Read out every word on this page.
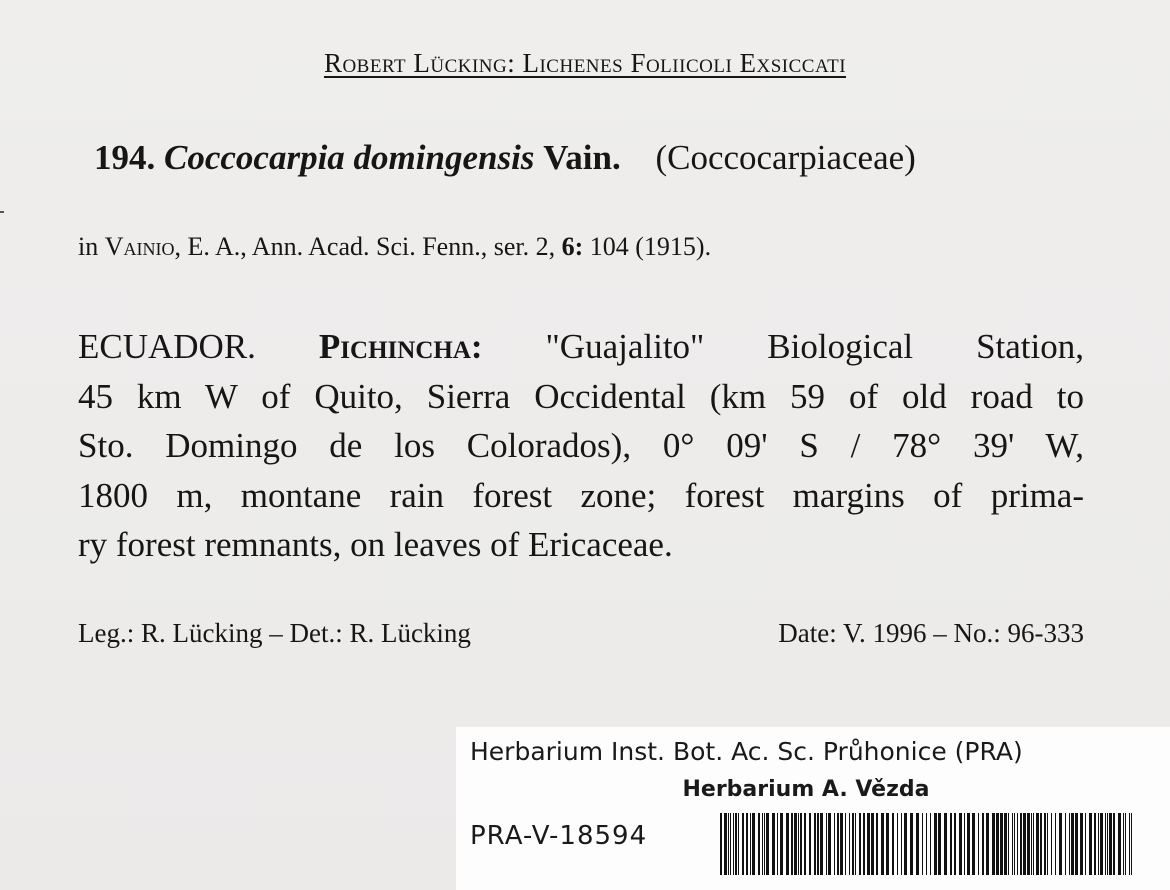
Robert Lücking: Lichenes Foliicoli Exsiccati
194. Coccocarpia domingensis Vain. (Coccocarpiaceae)
in Vainio, E. A., Ann. Acad. Sci. Fenn., ser. 2, 6: 104 (1915).
ECUADOR. Pichincha: "Guajalito" Biological Station,
45 km W of Quito, Sierra Occidental (km 59 of old road to
Sto. Domingo de los Colorados), 0° 09' S / 78° 39' W,
1800 m, montane rain forest zone; forest margins of prima-
ry forest remnants, on leaves of Ericaceae.
Leg.: R. Lücking – Det.: R. Lücking	Date: V. 1996 – No.: 96-333
Herbarium Inst. Bot. Ac. Sc. Průhonice (PRA)
Herbarium A. Vězda
PRA-V-18594
